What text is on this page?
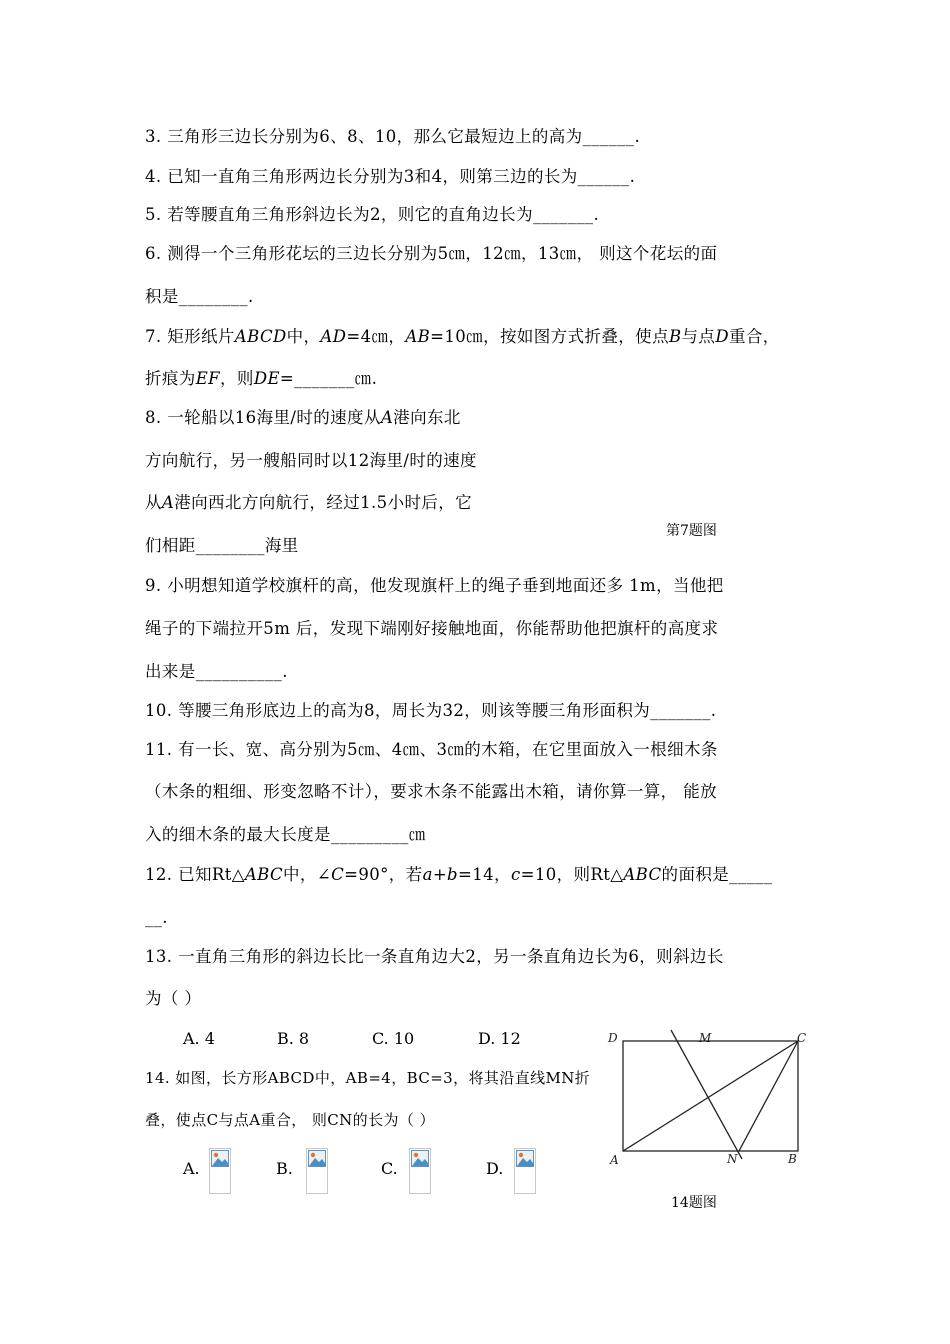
3. 三角形三边长分别为6、8、10，那么它最短边上的高为______.
4. 已知一直角三角形两边长分别为3和4，则第三边的长为______.
5. 若等腰直角三角形斜边长为2，则它的直角边长为_______.
6. 测得一个三角形花坛的三边长分别为5㎝，12㎝，13㎝， 则这个花坛的面
积是________.
7. 矩形纸片ABCD中，AD=4㎝，AB=10㎝，按如图方式折叠，使点B与点D重合，
折痕为EF，则DE=_______㎝.
8. 一轮船以16海里/时的速度从A港向东北
方向航行，另一艘船同时以12海里/时的速度
从A港向西北方向航行，经过1.5小时后，它
第7题图
们相距________海里
9. 小明想知道学校旗杆的高，他发现旗杆上的绳子垂到地面还多 1m，当他把
绳子的下端拉开5m 后，发现下端刚好接触地面，你能帮助他把旗杆的高度求
出来是__________.
10. 等腰三角形底边上的高为8，周长为32，则该等腰三角形面积为_______.
11. 有一长、宽、高分别为5㎝、4㎝、3㎝的木箱，在它里面放入一根细木条
（木条的粗细、形变忽略不计），要求木条不能露出木箱，请你算一算， 能放
入的细木条的最大长度是_________㎝
12. 已知Rt△ABC中，∠C=90°，若a+b=14，c=10，则Rt△ABC的面积是_____
__.
13. 一直角三角形的斜边长比一条直角边大2，另一条直角边长为6，则斜边长
为（ ）
A. 4	B. 8	C. 10	D. 12
14. 如图，长方形ABCD中，AB=4，BC=3，将其沿直线MN折
叠，使点C与点A重合， 则CN的长为（ ）
A.	B.	C.	D.
D	M	C
A	N	B
14题图
